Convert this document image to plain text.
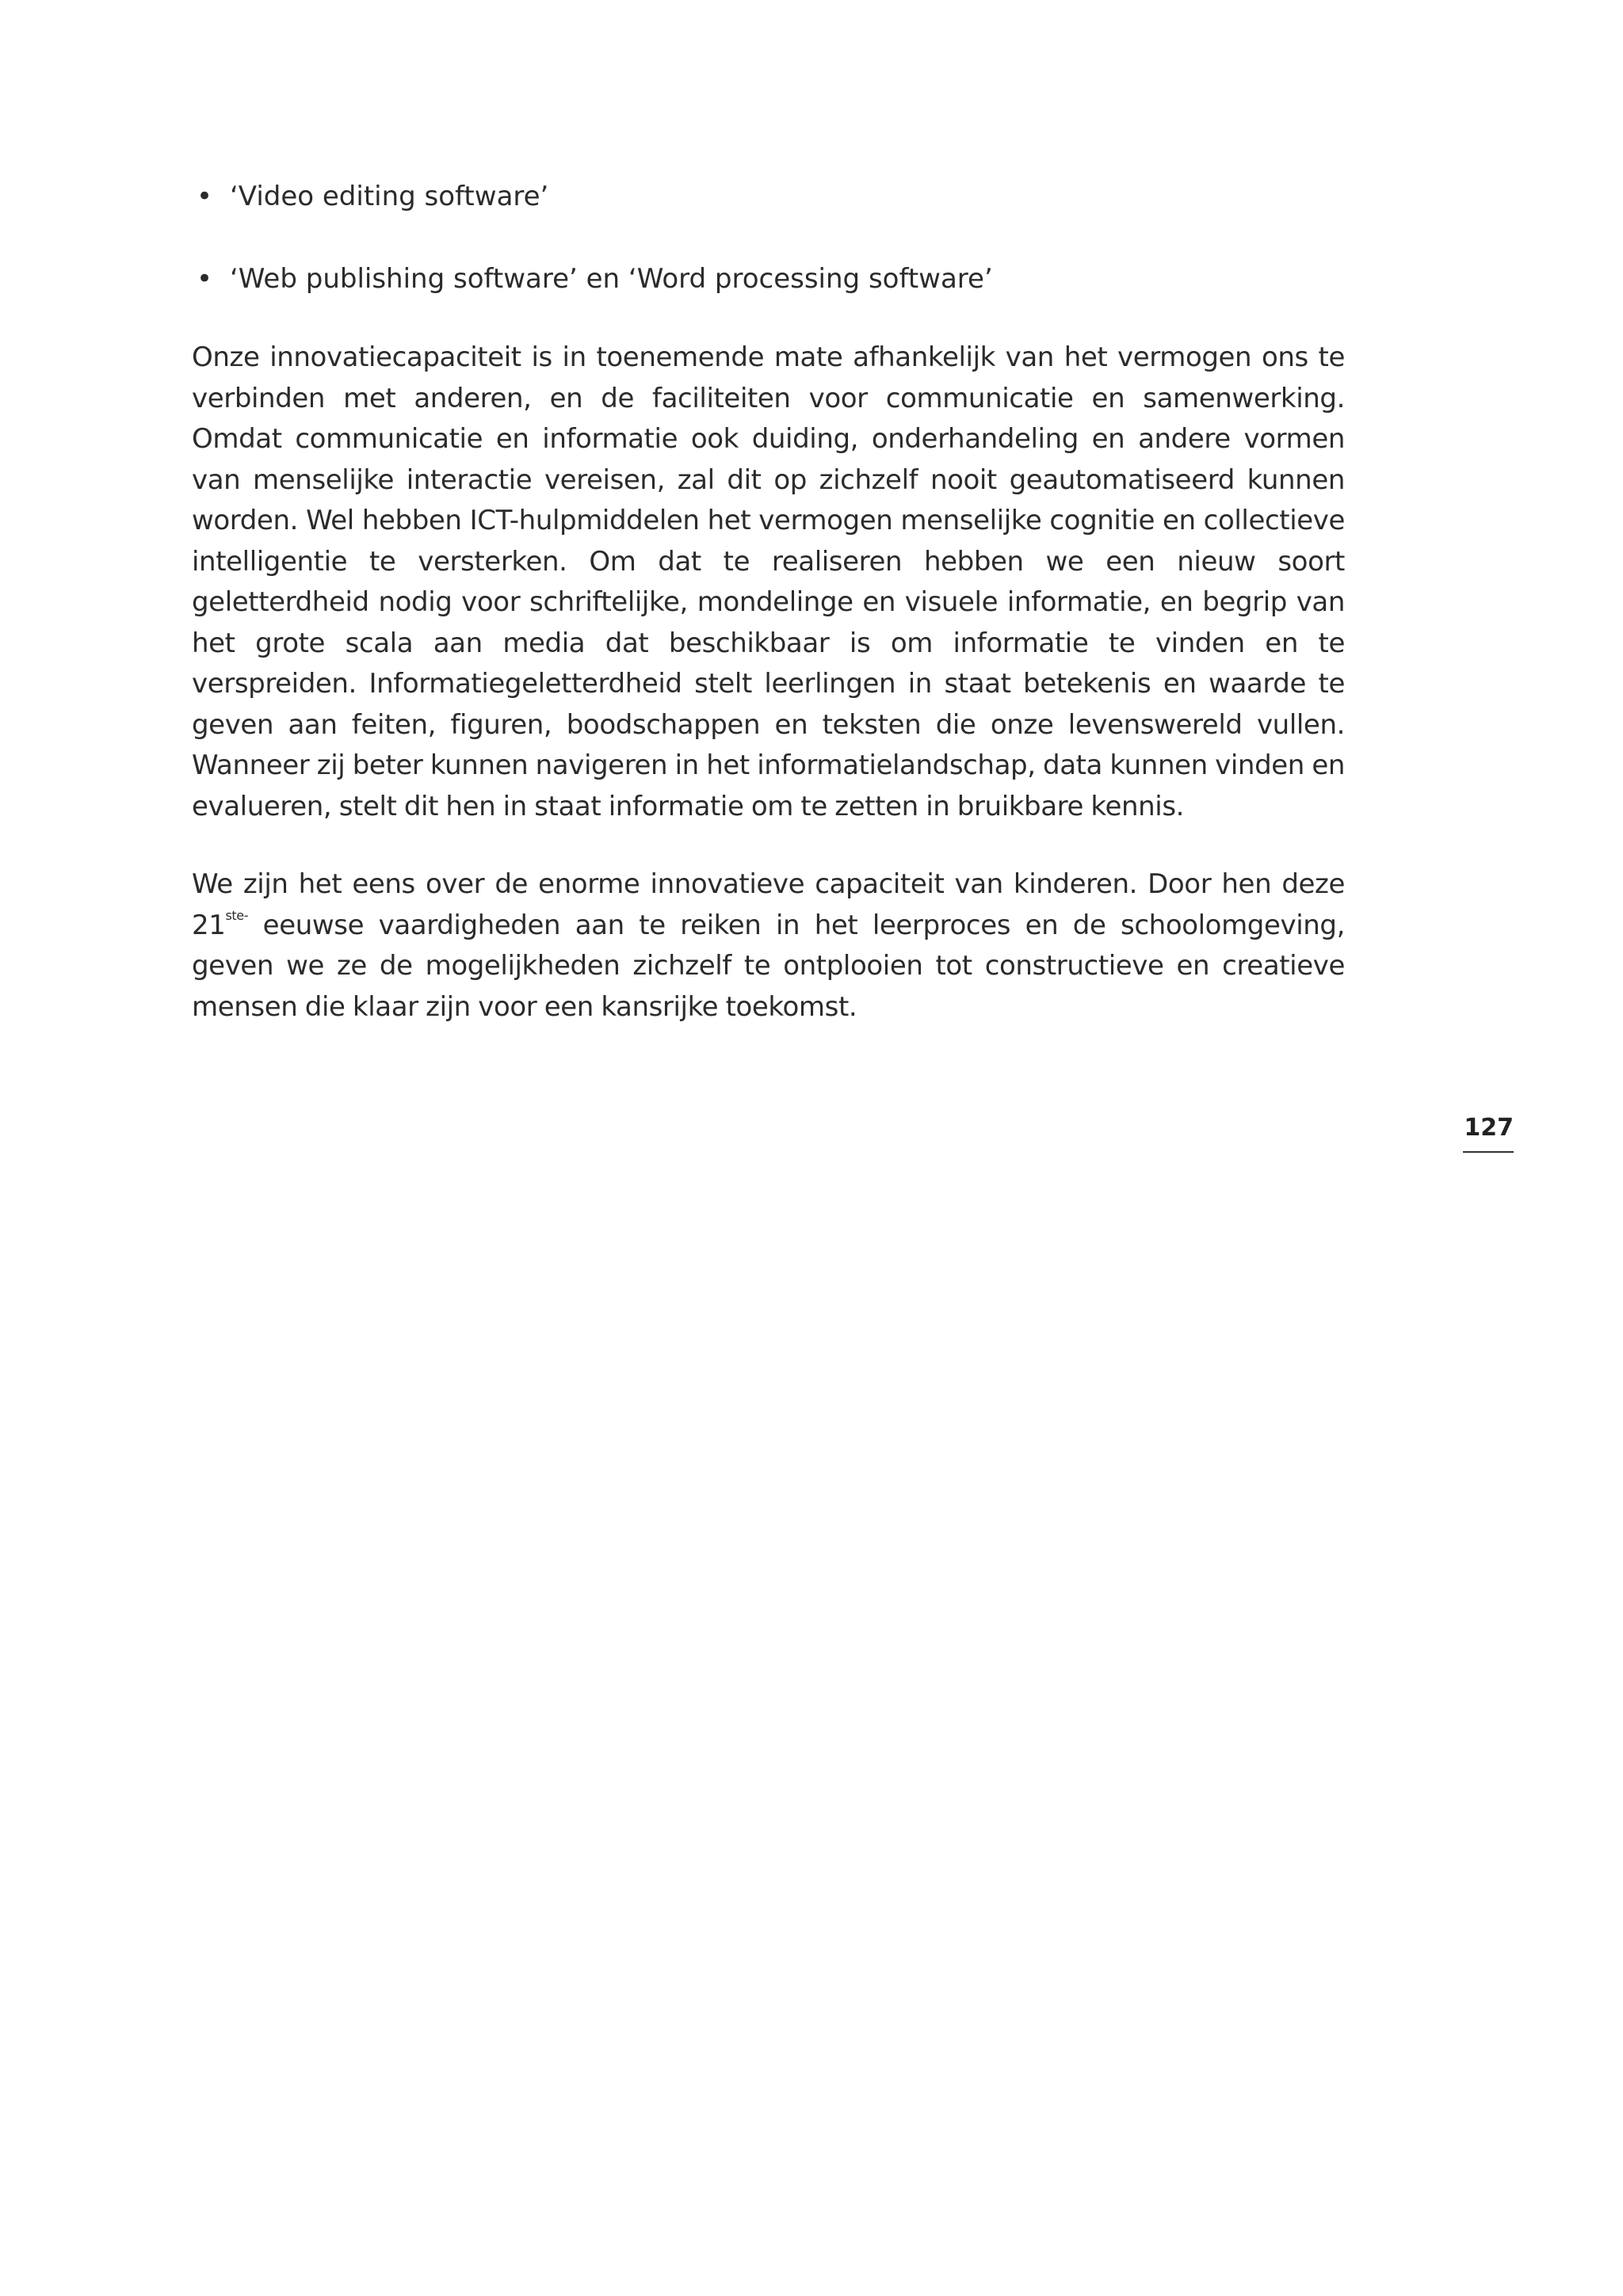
• ‘Video editing software’
• ‘Web publishing software’ en ‘Word processing software’

Onze innovatiecapaciteit is in toenemende mate afhankelijk van het vermogen ons te verbinden met anderen, en de faciliteiten voor communicatie en samenwerking. Omdat communicatie en informatie ook duiding, onderhandeling en andere vormen van menselijke interactie vereisen, zal dit op zichzelf nooit geautomatiseerd kunnen worden. Wel hebben ICT-hulpmiddelen het vermogen menselijke cognitie en collectieve intelligentie te versterken. Om dat te realiseren hebben we een nieuw soort geletterdheid nodig voor schriftelijke, mondelinge en visuele informatie, en begrip van het grote scala aan media dat beschikbaar is om informatie te vinden en te verspreiden. Informatiegeletterdheid stelt leerlingen in staat betekenis en waarde te geven aan feiten, figuren, boodschappen en teksten die onze levenswereld vullen. Wanneer zij beter kunnen navigeren in het informatielandschap, data kunnen vinden en evalueren, stelt dit hen in staat informatie om te zetten in bruikbare kennis.

We zijn het eens over de enorme innovatieve capaciteit van kinderen. Door hen deze $21^{ste-}$ eeuwse vaardigheden aan te reiken in het leerproces en de schoolomgeving, geven we ze de mogelijkheden zichzelf te ontplooien tot constructieve en creatieve mensen die klaar zijn voor een kansrijke toekomst.

127
